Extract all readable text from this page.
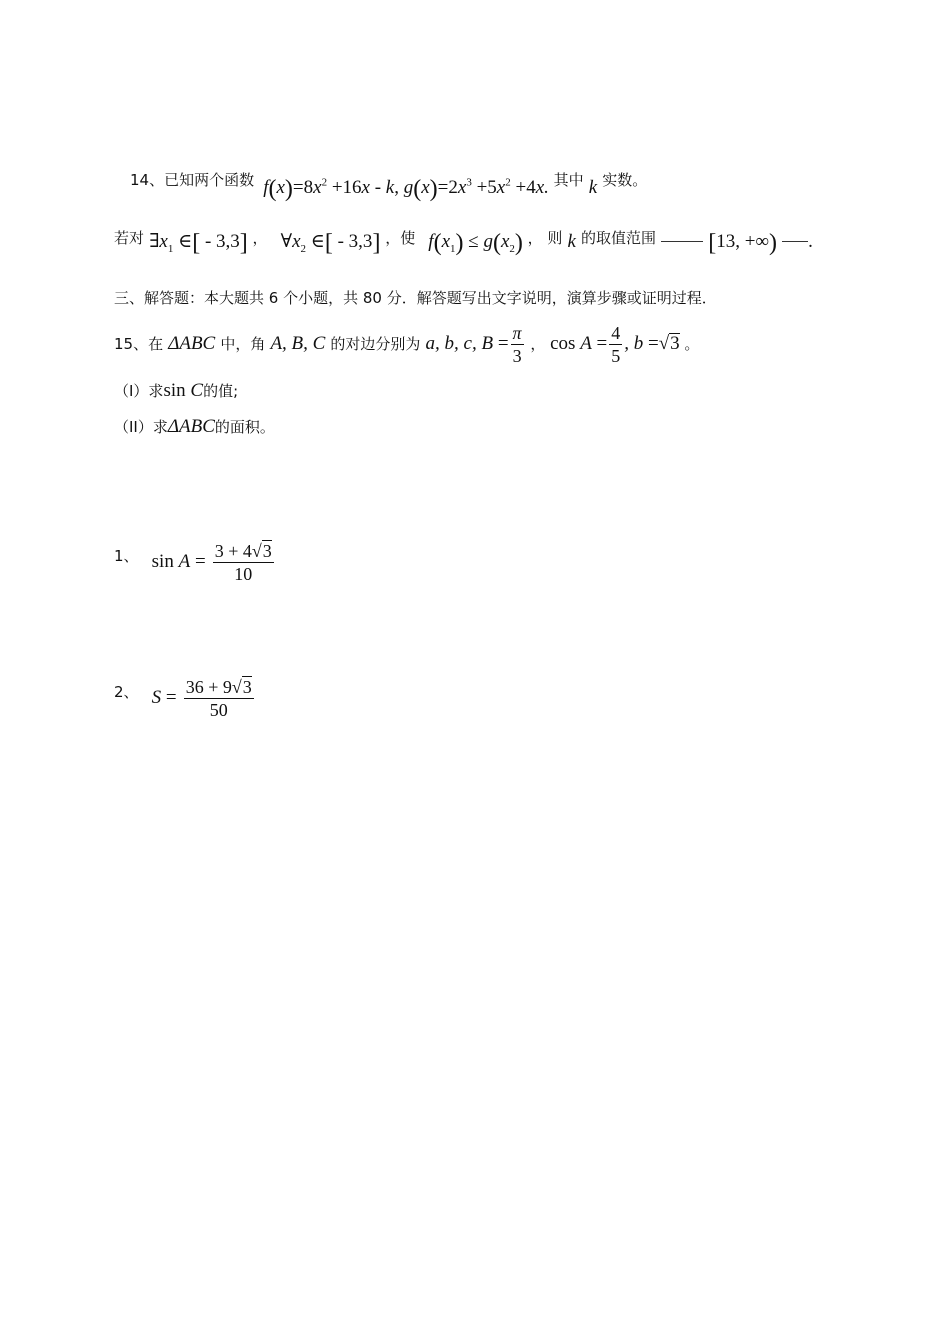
14、已知两个函数 $f(x)=8x^2 +16x - k$, $g(x)=2x^3 +5x^2 +4x$. 其中 k 实数。
若对 $\exists x_1$ ∈[ - 3,3] ， $\forall x_2$ ∈[ - 3,3] ，使 $f(x_1) \le g(x_2)$ ， 则 k 的取值范围 [13, +∞) .
三、解答题：本大题共 6 个小题，共 80 分．解答题写出文字说明，演算步骤或证明过程．
15、在 ΔABC 中，角 A, B, C 的对边分别为 a, b, c, $B = \frac{\pi}{3}$ ， $\cos A = \frac{4}{5}$ , b =√3 。
（I）求sin C的值;
（II）求ΔABC的面积。
1、 $\sin A = \frac{3 + 4√3}{10}$
2、 $S = \frac{36 + 9√3}{50}$
